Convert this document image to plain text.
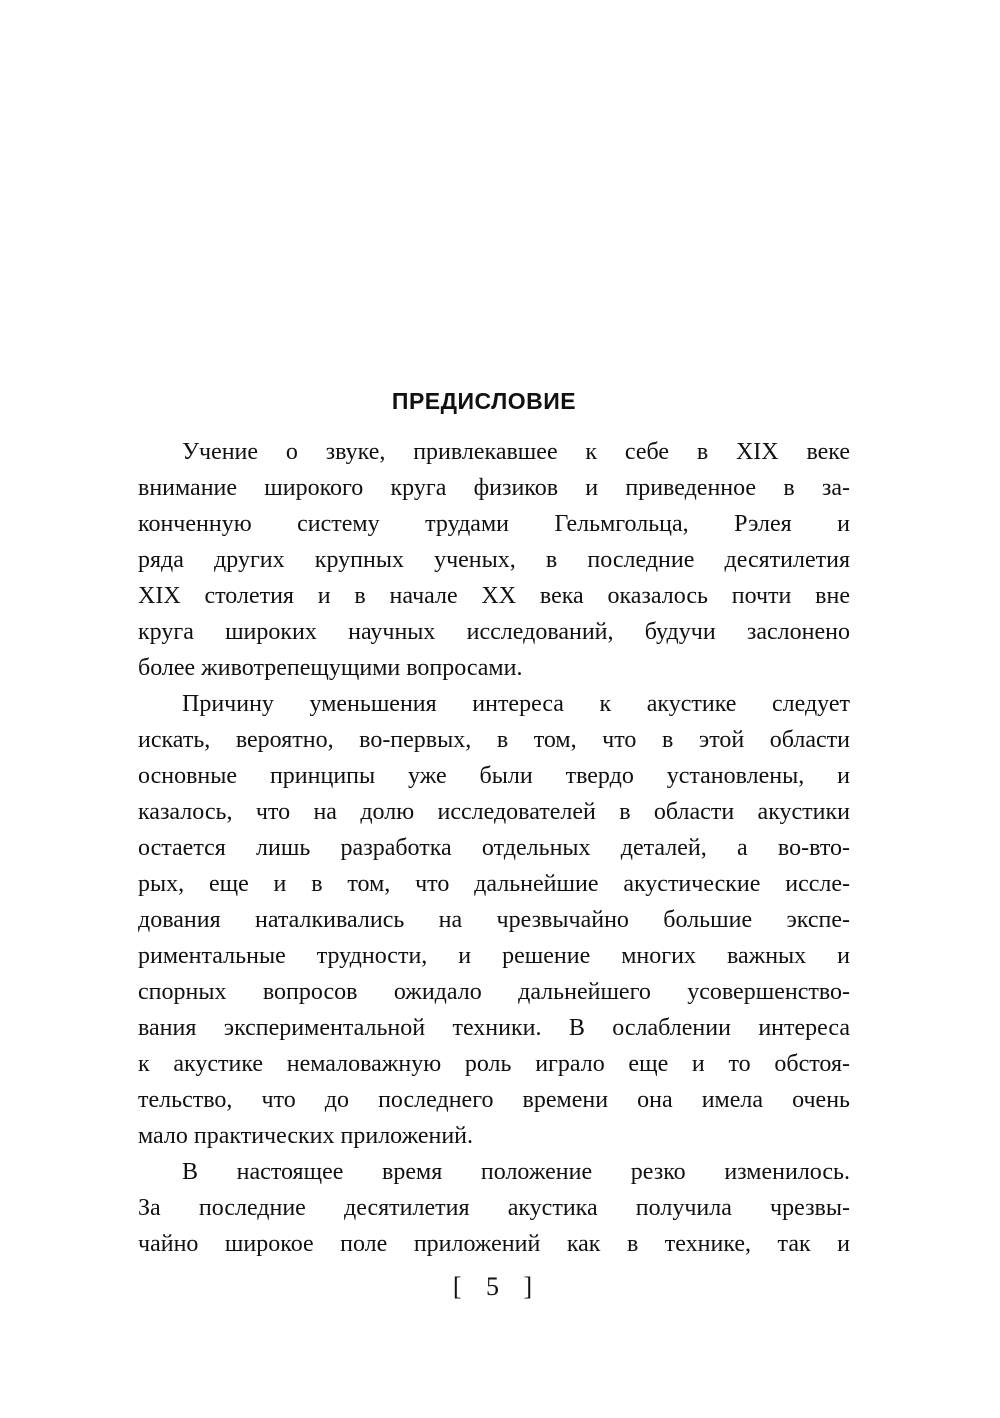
ПРЕДИСЛОВИЕ
Учение о звуке, привлекавшее к себе в XIX веке
внимание широкого круга физиков и приведенное в за-
конченную систему трудами Гельмгольца, Рэлея и
ряда других крупных ученых, в последние десятилетия
XIX столетия и в начале XX века оказалось почти вне
круга широких научных исследований, будучи заслонено
более животрепещущими вопросами.
Причину уменьшения интереса к акустике следует
искать, вероятно, во-первых, в том, что в этой области
основные принципы уже были твердо установлены, и
казалось, что на долю исследователей в области акустики
остается лишь разработка отдельных деталей, а во-вто-
рых, еще и в том, что дальнейшие акустические иссле-
дования наталкивались на чрезвычайно большие экспе-
риментальные трудности, и решение многих важных и
спорных вопросов ожидало дальнейшего усовершенство-
вания экспериментальной техники. В ослаблении интереса
к акустике немаловажную роль играло еще и то обстоя-
тельство, что до последнего времени она имела очень
мало практических приложений.
В настоящее время положение резко изменилось.
За последние десятилетия акустика получила чрезвы-
чайно широкое поле приложений как в технике, так и
[ 5 ]
